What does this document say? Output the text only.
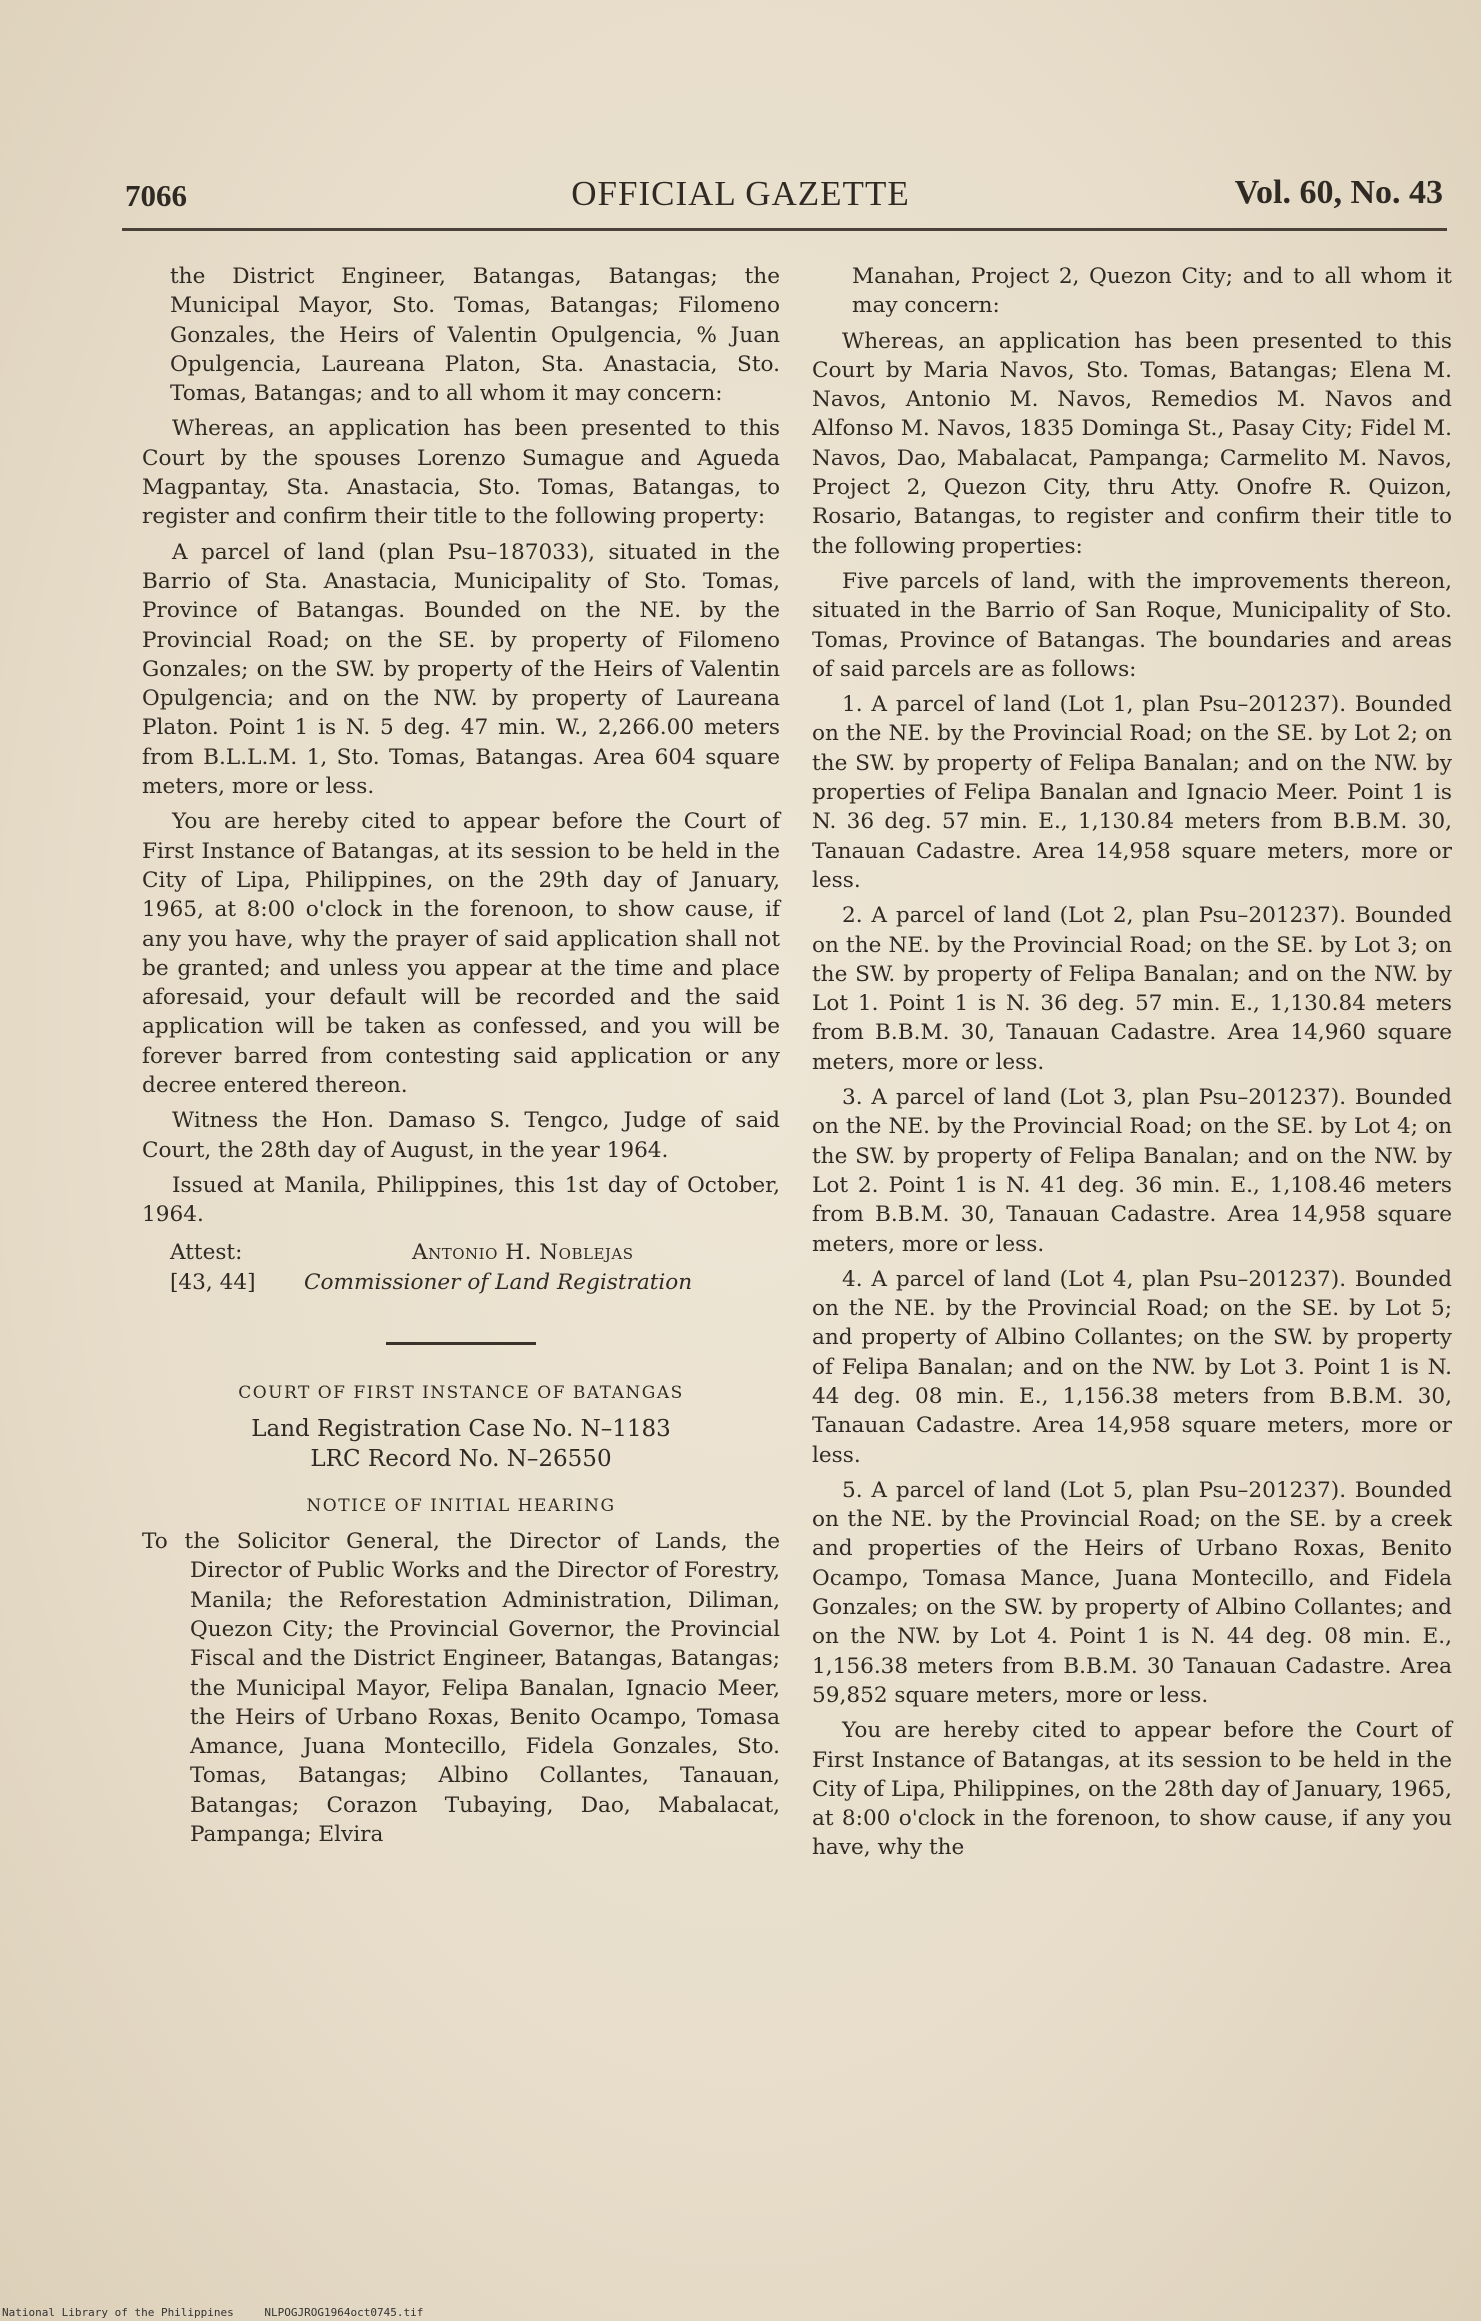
7066	OFFICIAL GAZETTE	Vol. 60, No. 43

the District Engineer, Batangas, Batangas; the Municipal Mayor, Sto. Tomas, Batangas; Filomeno Gonzales, the Heirs of Valentin Opulgencia, % Juan Opulgencia, Laureana Platon, Sta. Anastacia, Sto. Tomas, Batangas; and to all whom it may concern:

Whereas, an application has been presented to this Court by the spouses Lorenzo Sumague and Agueda Magpantay, Sta. Anastacia, Sto. Tomas, Batangas, to register and confirm their title to the following property:

A parcel of land (plan Psu–187033), situated in the Barrio of Sta. Anastacia, Municipality of Sto. Tomas, Province of Batangas. Bounded on the NE. by the Provincial Road; on the SE. by property of Filomeno Gonzales; on the SW. by property of the Heirs of Valentin Opulgencia; and on the NW. by property of Laureana Platon. Point 1 is N. 5 deg. 47 min. W., 2,266.00 meters from B.L.L.M. 1, Sto. Tomas, Batangas. Area 604 square meters, more or less.

You are hereby cited to appear before the Court of First Instance of Batangas, at its session to be held in the City of Lipa, Philippines, on the 29th day of January, 1965, at 8:00 o'clock in the forenoon, to show cause, if any you have, why the prayer of said application shall not be granted; and unless you appear at the time and place aforesaid, your default will be recorded and the said application will be taken as confessed, and you will be forever barred from contesting said application or any decree entered thereon.

Witness the Hon. Damaso S. Tengco, Judge of said Court, the 28th day of August, in the year 1964.

Issued at Manila, Philippines, this 1st day of October, 1964.

Attest:
[43, 44]
Antonio H. Noblejas
Commissioner of Land Registration

COURT OF FIRST INSTANCE OF BATANGAS

Land Registration Case No. N–1183
LRC Record No. N–26550

NOTICE OF INITIAL HEARING

To the Solicitor General, the Director of Lands, the Director of Public Works and the Director of Forestry, Manila; the Reforestation Administration, Diliman, Quezon City; the Provincial Governor, the Provincial Fiscal and the District Engineer, Batangas, Batangas; the Municipal Mayor, Felipa Banalan, Ignacio Meer, the Heirs of Urbano Roxas, Benito Ocampo, Tomasa Amance, Juana Montecillo, Fidela Gonzales, Sto. Tomas, Batangas; Albino Collantes, Tanauan, Batangas; Corazon Tubaying, Dao, Mabalacat, Pampanga; Elvira

Manahan, Project 2, Quezon City; and to all whom it may concern:

Whereas, an application has been presented to this Court by Maria Navos, Sto. Tomas, Batangas; Elena M. Navos, Antonio M. Navos, Remedios M. Navos and Alfonso M. Navos, 1835 Dominga St., Pasay City; Fidel M. Navos, Dao, Mabalacat, Pampanga; Carmelito M. Navos, Project 2, Quezon City, thru Atty. Onofre R. Quizon, Rosario, Batangas, to register and confirm their title to the following properties:

Five parcels of land, with the improvements thereon, situated in the Barrio of San Roque, Municipality of Sto. Tomas, Province of Batangas. The boundaries and areas of said parcels are as follows:

1. A parcel of land (Lot 1, plan Psu–201237). Bounded on the NE. by the Provincial Road; on the SE. by Lot 2; on the SW. by property of Felipa Banalan; and on the NW. by properties of Felipa Banalan and Ignacio Meer. Point 1 is N. 36 deg. 57 min. E., 1,130.84 meters from B.B.M. 30, Tanauan Cadastre. Area 14,958 square meters, more or less.

2. A parcel of land (Lot 2, plan Psu–201237). Bounded on the NE. by the Provincial Road; on the SE. by Lot 3; on the SW. by property of Felipa Banalan; and on the NW. by Lot 1. Point 1 is N. 36 deg. 57 min. E., 1,130.84 meters from B.B.M. 30, Tanauan Cadastre. Area 14,960 square meters, more or less.

3. A parcel of land (Lot 3, plan Psu–201237). Bounded on the NE. by the Provincial Road; on the SE. by Lot 4; on the SW. by property of Felipa Banalan; and on the NW. by Lot 2. Point 1 is N. 41 deg. 36 min. E., 1,108.46 meters from B.B.M. 30, Tanauan Cadastre. Area 14,958 square meters, more or less.

4. A parcel of land (Lot 4, plan Psu–201237). Bounded on the NE. by the Provincial Road; on the SE. by Lot 5; and property of Albino Collantes; on the SW. by property of Felipa Banalan; and on the NW. by Lot 3. Point 1 is N. 44 deg. 08 min. E., 1,156.38 meters from B.B.M. 30, Tanauan Cadastre. Area 14,958 square meters, more or less.

5. A parcel of land (Lot 5, plan Psu–201237). Bounded on the NE. by the Provincial Road; on the SE. by a creek and properties of the Heirs of Urbano Roxas, Benito Ocampo, Tomasa Mance, Juana Montecillo, and Fidela Gonzales; on the SW. by property of Albino Collantes; and on the NW. by Lot 4. Point 1 is N. 44 deg. 08 min. E., 1,156.38 meters from B.B.M. 30 Tanauan Cadastre. Area 59,852 square meters, more or less.

You are hereby cited to appear before the Court of First Instance of Batangas, at its session to be held in the City of Lipa, Philippines, on the 28th day of January, 1965, at 8:00 o'clock in the forenoon, to show cause, if any you have, why the

National Library of the Philippines	NLPOGJROG1964oct0745.tif
